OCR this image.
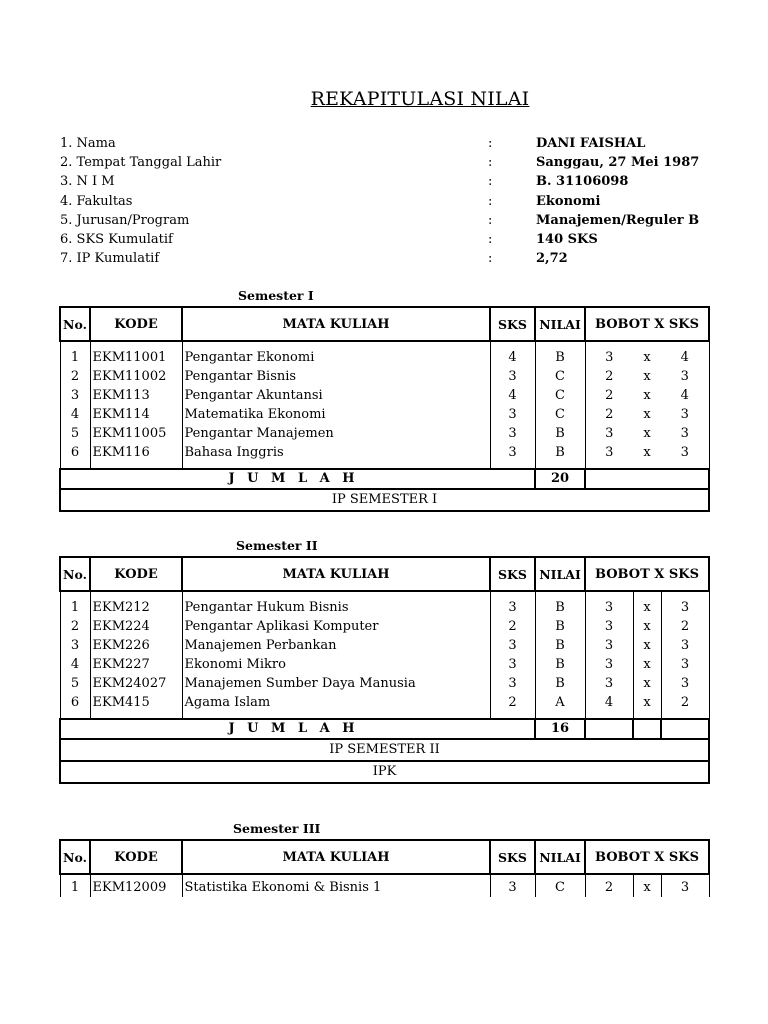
REKAPITULASI NILAI
1. Nama	:	DANI FAISHAL
2. Tempat Tanggal Lahir	:	Sanggau, 27 Mei 1987
3. N I M	:	B. 31106098
4. Fakultas	:	Ekonomi
5. Jurusan/Program	:	Manajemen/Reguler B
6. SKS Kumulatif	:	140 SKS
7. IP Kumulatif	:	2,72
Semester I
No.	KODE	MATA KULIAH	SKS	NILAI	BOBOT X SKS		
1	EKM11001	Pengantar Ekonomi	4	B	3	x	4
2	EKM11002	Pengantar Bisnis	3	C	2	x	3
3	EKM113	Pengantar Akuntansi	4	C	2	x	4
4	EKM114	Matematika Ekonomi	3	C	2	x	3
5	EKM11005	Pengantar Manajemen	3	B	3	x	3
6	EKM116	Bahasa Inggris	3	B	3	x	3
J U M L A H				20			
IP SEMESTER I							
Semester II
No.	KODE	MATA KULIAH	SKS	NILAI	BOBOT X SKS		
1	EKM212	Pengantar Hukum Bisnis	3	B	3	x	3
2	EKM224	Pengantar Aplikasi Komputer	2	B	3	x	2
3	EKM226	Manajemen Perbankan	3	B	3	x	3
4	EKM227	Ekonomi Mikro	3	B	3	x	3
5	EKM24027	Manajemen Sumber Daya Manusia	3	B	3	x	3
6	EKM415	Agama Islam	2	A	4	x	2
J U M L A H				16			
IP SEMESTER II							
IPK							
Semester III
No.	KODE	MATA KULIAH	SKS	NILAI	BOBOT X SKS		
1	EKM12009	Statistika Ekonomi & Bisnis 1	3	C	2	x	3
